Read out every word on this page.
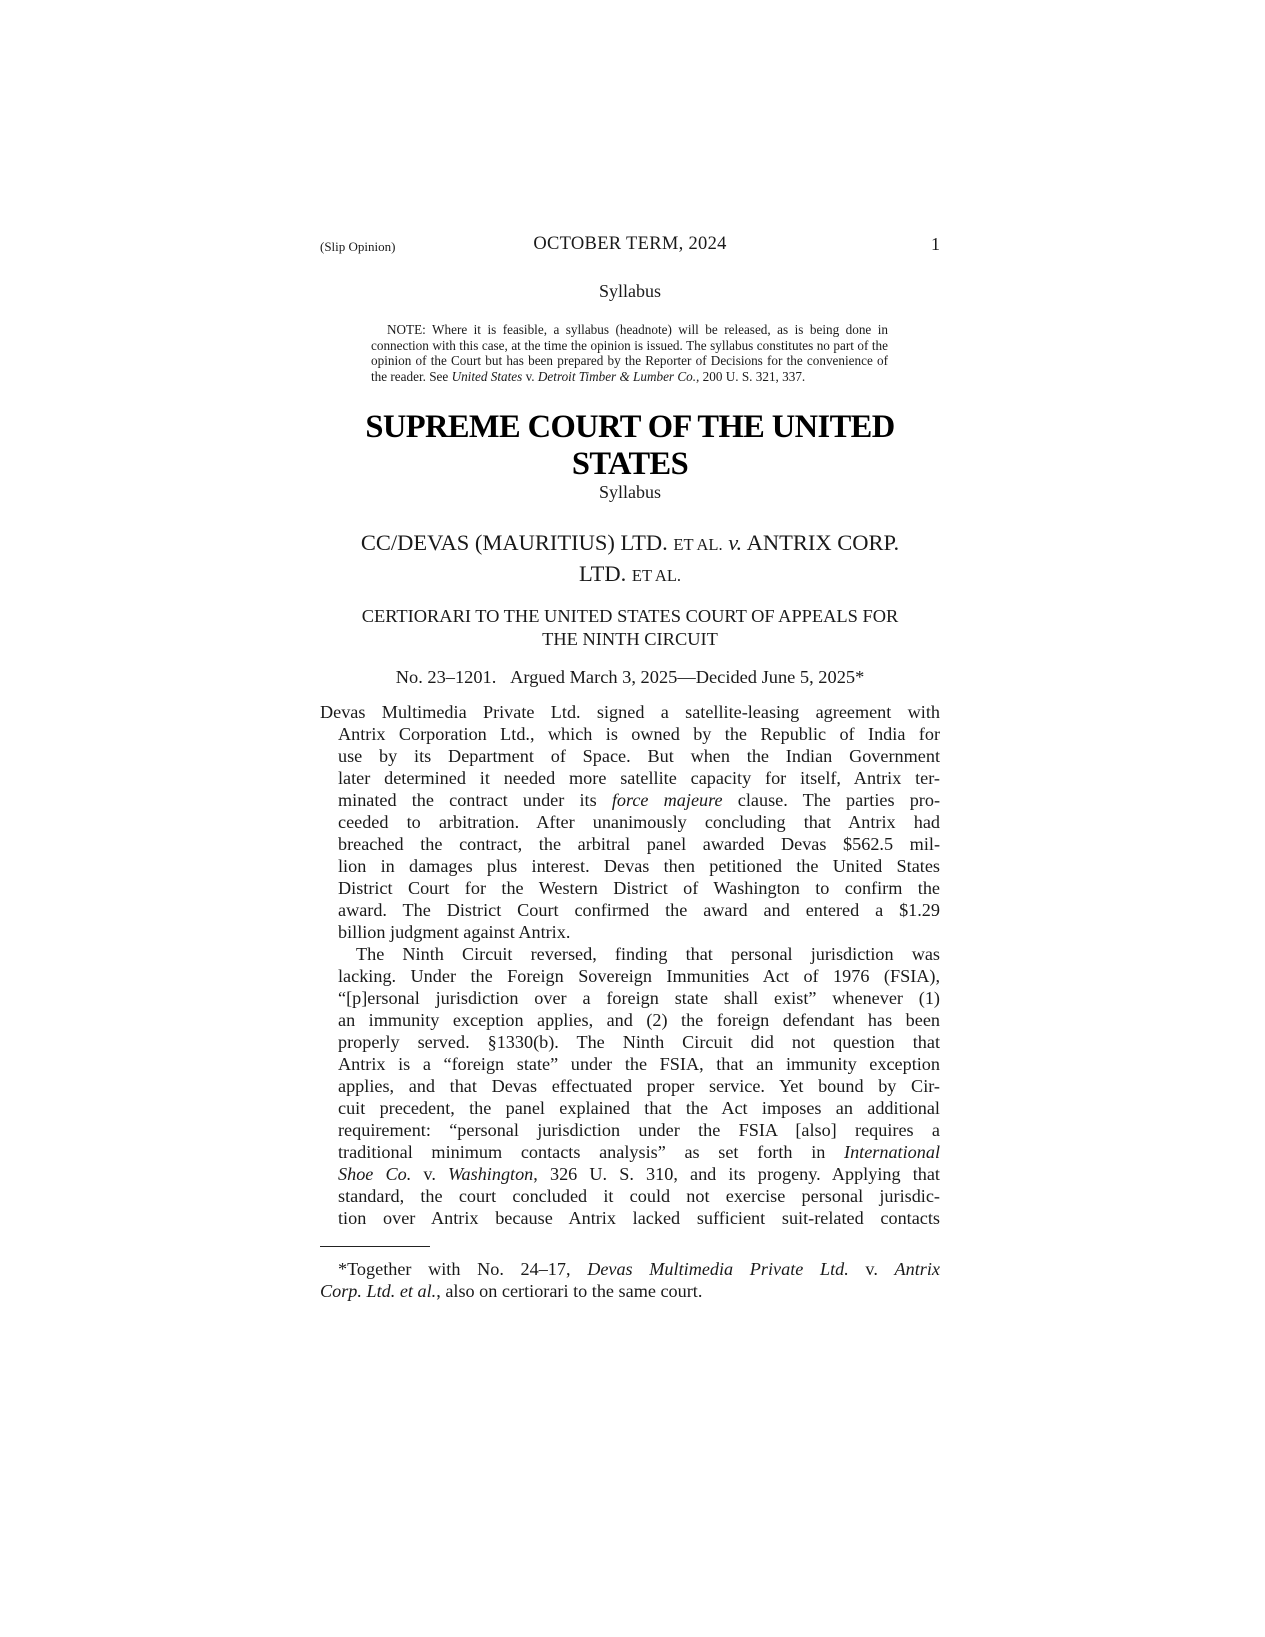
(Slip Opinion)	OCTOBER TERM, 2024	1
Syllabus

NOTE: Where it is feasible, a syllabus (headnote) will be released, as is being done in connection with this case, at the time the opinion is issued. The syllabus constitutes no part of the opinion of the Court but has been prepared by the Reporter of Decisions for the convenience of the reader. See United States v. Detroit Timber & Lumber Co., 200 U. S. 321, 337.

SUPREME COURT OF THE UNITED STATES
Syllabus
CC/DEVAS (MAURITIUS) LTD. ET AL. v. ANTRIX CORP.
LTD. ET AL.
CERTIORARI TO THE UNITED STATES COURT OF APPEALS FOR
THE NINTH CIRCUIT
No. 23–1201. Argued March 3, 2025—Decided June 5, 2025*
Devas Multimedia Private Ltd. signed a satellite-leasing agreement with
Antrix Corporation Ltd., which is owned by the Republic of India for
use by its Department of Space. But when the Indian Government
later determined it needed more satellite capacity for itself, Antrix ter-
minated the contract under its force majeure clause. The parties pro-
ceeded to arbitration. After unanimously concluding that Antrix had
breached the contract, the arbitral panel awarded Devas $562.5 mil-
lion in damages plus interest. Devas then petitioned the United States
District Court for the Western District of Washington to confirm the
award. The District Court confirmed the award and entered a $1.29
billion judgment against Antrix.
The Ninth Circuit reversed, finding that personal jurisdiction was
lacking. Under the Foreign Sovereign Immunities Act of 1976 (FSIA),
“[p]ersonal jurisdiction over a foreign state shall exist” whenever (1)
an immunity exception applies, and (2) the foreign defendant has been
properly served. §1330(b). The Ninth Circuit did not question that
Antrix is a “foreign state” under the FSIA, that an immunity exception
applies, and that Devas effectuated proper service. Yet bound by Cir-
cuit precedent, the panel explained that the Act imposes an additional
requirement: “personal jurisdiction under the FSIA [also] requires a
traditional minimum contacts analysis” as set forth in International
Shoe Co. v. Washington, 326 U. S. 310, and its progeny. Applying that
standard, the court concluded it could not exercise personal jurisdic-
tion over Antrix because Antrix lacked sufficient suit-related contacts
*Together with No. 24–17, Devas Multimedia Private Ltd. v. Antrix
Corp. Ltd. et al., also on certiorari to the same court.
